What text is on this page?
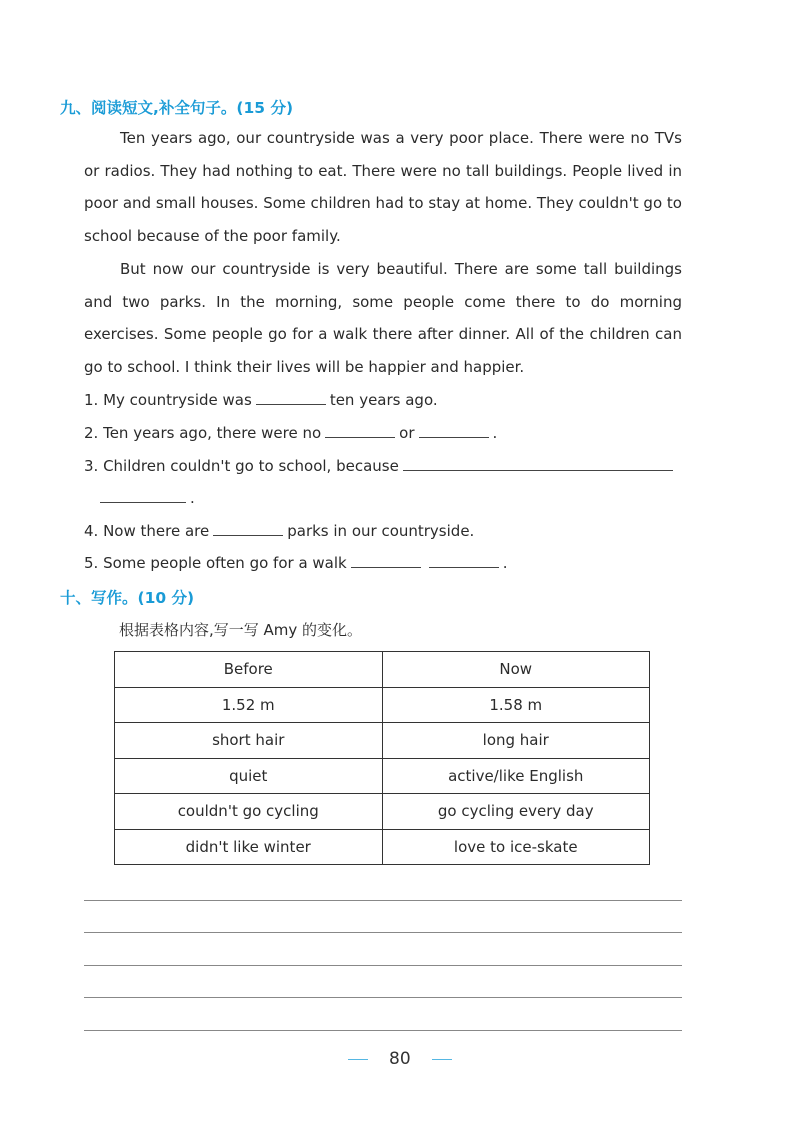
九、阅读短文,补全句子。(15 分)

Ten years ago, our countryside was a very poor place. There were no TVs or radios. They had nothing to eat. There were no tall buildings. People lived in poor and small houses. Some children had to stay at home. They couldn't go to school because of the poor family.

But now our countryside is very beautiful. There are some tall buildings and two parks. In the morning, some people come there to do morning exercises. Some people go for a walk there after dinner. All of the children can go to school. I think their lives will be happier and happier.

1. My countryside was	ten years ago.
2. Ten years ago, there were no	or	.
3. Children couldn't go to school, because
.
4. Now there are	parks in our countryside.
5. Some people often go for a walk	.
十、写作。(10 分)
根据表格内容,写一写 Amy 的变化。
Before	Now
1.52 m	1.58 m
short hair	long hair
quiet	active/like English
couldn't go cycling	go cycling every day
didn't like winter	love to ice-skate
80
